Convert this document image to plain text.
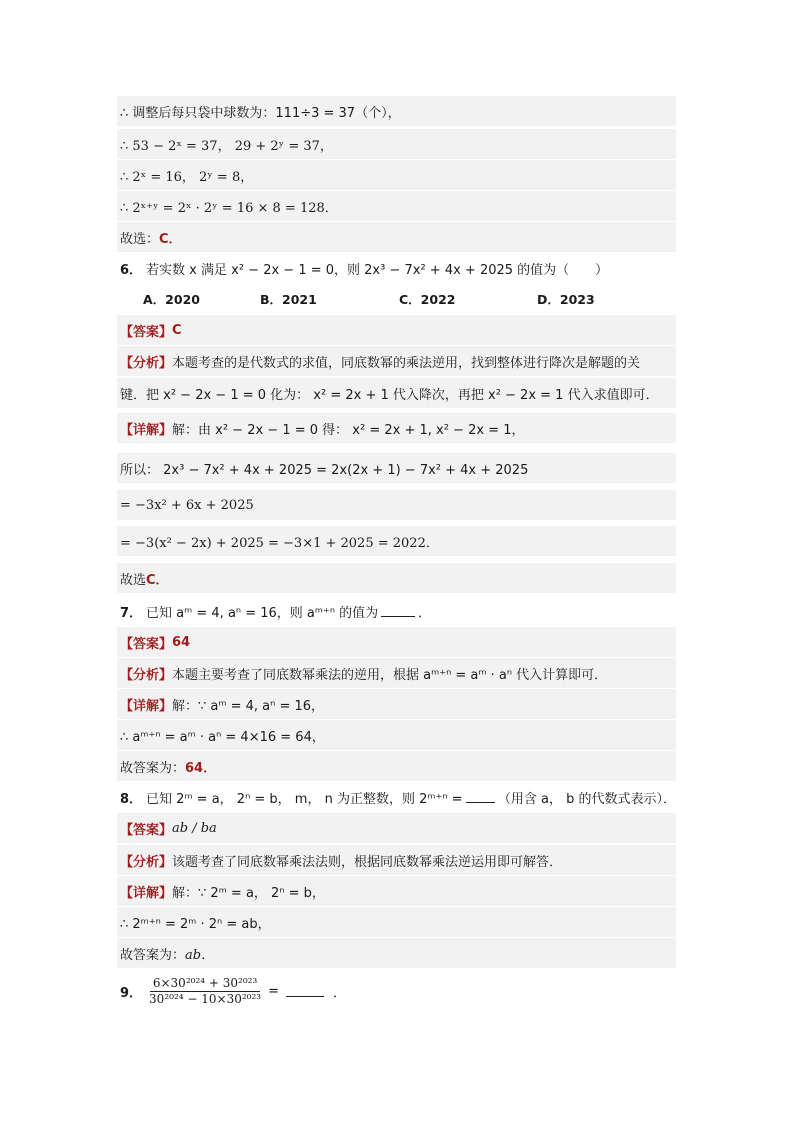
∴ 调整后每只袋中球数为：111÷3 = 37（个），
∴ 53 − 2ˣ = 37， 29 + 2ʸ = 37，
∴ 2ˣ = 16， 2ʸ = 8，
∴ 2ˣ⁺ʸ = 2ˣ · 2ʸ = 16 × 8 = 128．
故选： C．
6． 若实数 x 满足 x² − 2x − 1 = 0，则 2x³ − 7x² + 4x + 2025 的值为（　　）
A．2020	B．2021	C．2022	D．2023
【答案】 C
【分析】 本题考查的是代数式的求值，同底数幂的乘法逆用，找到整体进行降次是解题的关
键．把 x² − 2x − 1 = 0 化为： x² = 2x + 1 代入降次，再把 x² − 2x = 1 代入求值即可．
【详解】 解：由 x² − 2x − 1 = 0 得： x² = 2x + 1, x² − 2x = 1，
所以： 2x³ − 7x² + 4x + 2025 = 2x(2x + 1) − 7x² + 4x + 2025
= −3x² + 6x + 2025
= −3(x² − 2x) + 2025 = −3×1 + 2025 = 2022．
故选 C．
7． 已知 aᵐ = 4, aⁿ = 16，则 aᵐ⁺ⁿ 的值为	．
【答案】 64
【分析】 本题主要考查了同底数幂乘法的逆用，根据 aᵐ⁺ⁿ = aᵐ · aⁿ 代入计算即可．
【详解】 解：∵ aᵐ = 4, aⁿ = 16，
∴ aᵐ⁺ⁿ = aᵐ · aⁿ = 4×16 = 64，
故答案为： 64．
8． 已知 2ᵐ = a， 2ⁿ = b， m， n 为正整数，则 2ᵐ⁺ⁿ =	（用含 a， b 的代数式表示）．
【答案】 ab / ba
【分析】 该题考查了同底数幂乘法法则，根据同底数幂乘法逆运用即可解答．
【详解】 解：∵ 2ᵐ = a， 2ⁿ = b，
∴ 2ᵐ⁺ⁿ = 2ᵐ · 2ⁿ = ab，
故答案为： ab．
9． $\frac{\text{6×30²⁰²⁴ + 30²⁰²³}}{\text{30²⁰²⁴ − 10×30²⁰²³}}$ =	．
